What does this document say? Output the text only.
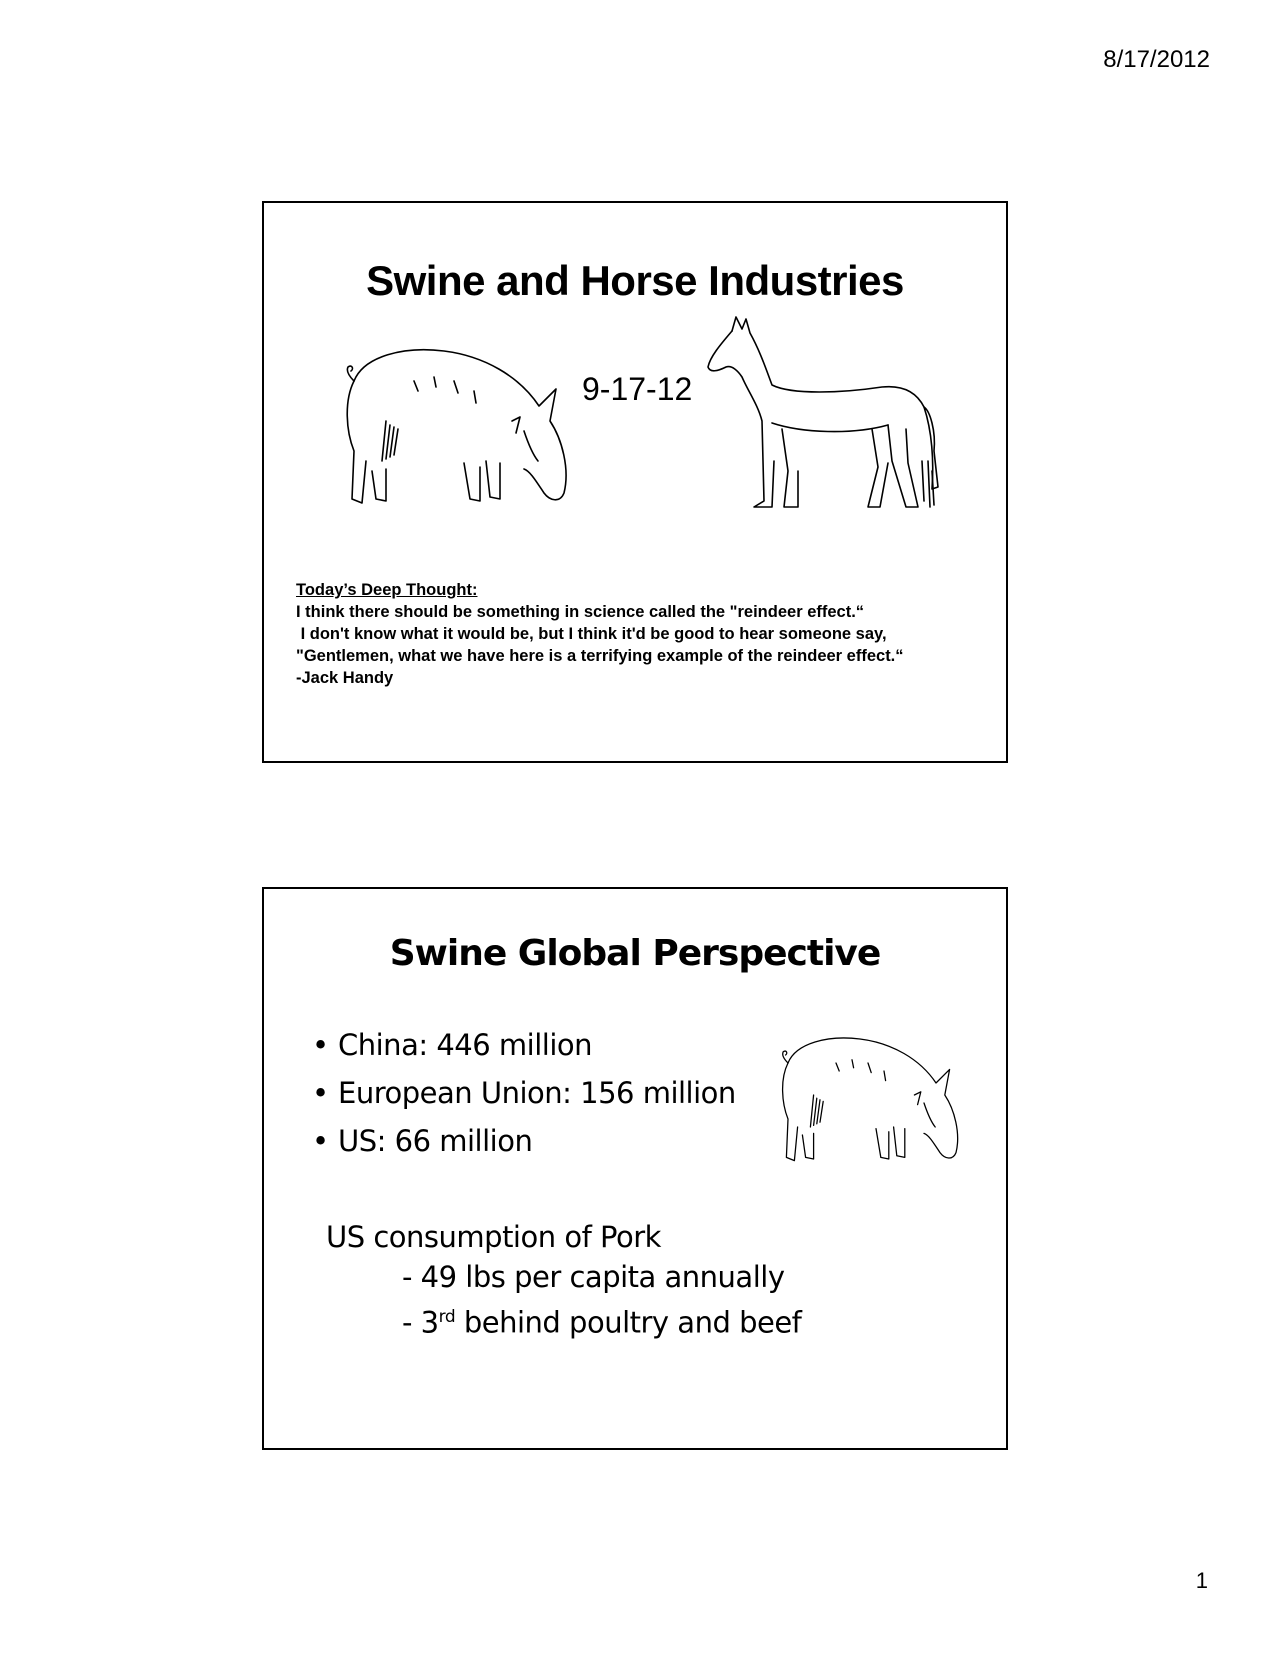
8/17/2012
Swine and Horse Industries
9-17-12
Today’s Deep Thought:
I think there should be something in science called the "reindeer effect.“
I don't know what it would be, but I think it'd be good to hear someone say,
"Gentlemen, what we have here is a terrifying example of the reindeer effect.“
-Jack Handy
Swine Global Perspective
• China: 446 million
• European Union: 156 million
• US: 66 million
US consumption of Pork
- 49 lbs per capita annually
- 3rd behind poultry and beef
1
